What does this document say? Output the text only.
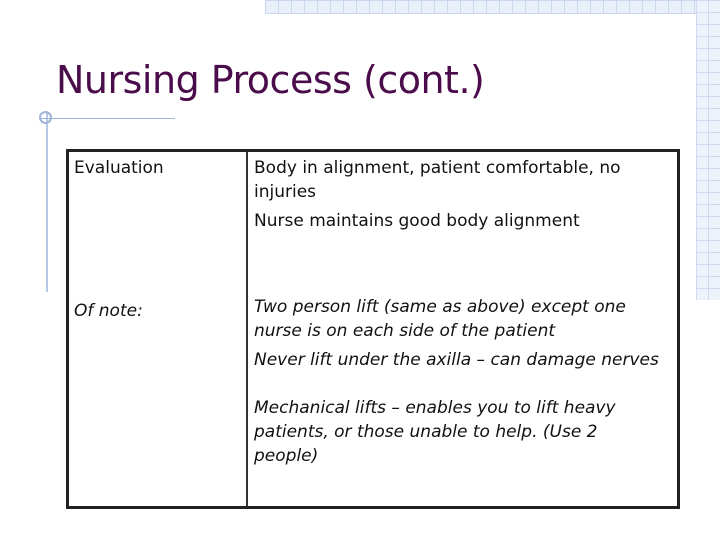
Nursing Process (cont.)
Evaluation	Body in alignment, patient comfortable, no
injuries
Nurse maintains good body alignment
Of note:	Two person lift (same as above) except one
nurse is on each side of the patient
Never lift under the axilla – can damage nerves
Mechanical lifts – enables you to lift heavy
patients, or those unable to help. (Use 2
people)
